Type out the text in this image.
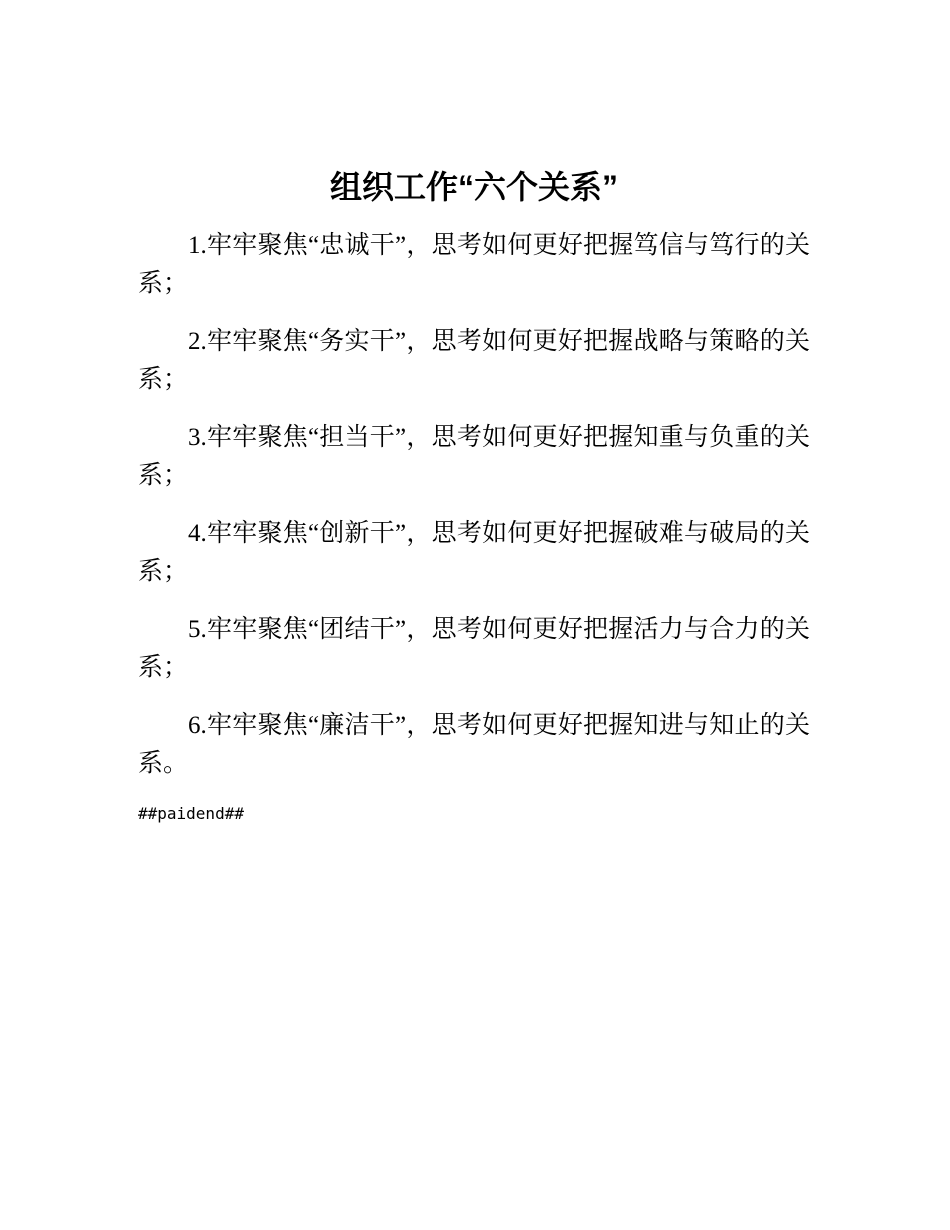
组织工作“六个关系”

1.牢牢聚焦“忠诚干”，思考如何更好把握笃信与笃行的关系；

2.牢牢聚焦“务实干”，思考如何更好把握战略与策略的关系；

3.牢牢聚焦“担当干”，思考如何更好把握知重与负重的关系；

4.牢牢聚焦“创新干”，思考如何更好把握破难与破局的关系；

5.牢牢聚焦“团结干”，思考如何更好把握活力与合力的关系；

6.牢牢聚焦“廉洁干”，思考如何更好把握知进与知止的关系。

##paidend##
